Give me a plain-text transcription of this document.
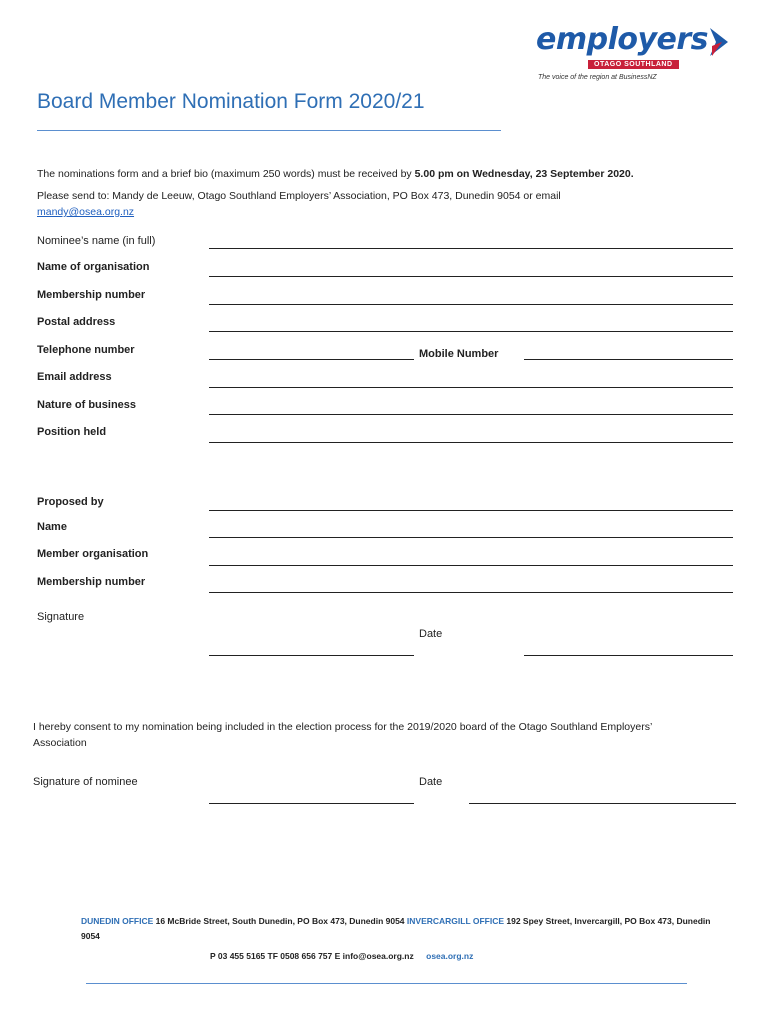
employers
OTAGO SOUTHLAND
The voice of the region at BusinessNZ
Board Member Nomination Form 2020/21
The nominations form and a brief bio (maximum 250 words) must be received by 5.00 pm on Wednesday, 23 September 2020.
Please send to: Mandy de Leeuw, Otago Southland Employers’ Association, PO Box 473, Dunedin 9054 or email
mandy@osea.org.nz
Nominee’s name (in full)
Name of organisation
Membership number
Postal address
Telephone number	Mobile Number
Email address
Nature of business
Position held
Proposed by
Name
Member organisation
Membership number
Signature
Date
I hereby consent to my nomination being included in the election process for the 2019/2020 board of the Otago Southland Employers’ Association
Signature of nominee	Date
DUNEDIN OFFICE 16 McBride Street, South Dunedin, PO Box 473, Dunedin 9054 INVERCARGILL OFFICE 192 Spey Street, Invercargill, PO Box 473, Dunedin 9054
P 03 455 5165 TF 0508 656 757 E info@osea.org.nz osea.org.nz
